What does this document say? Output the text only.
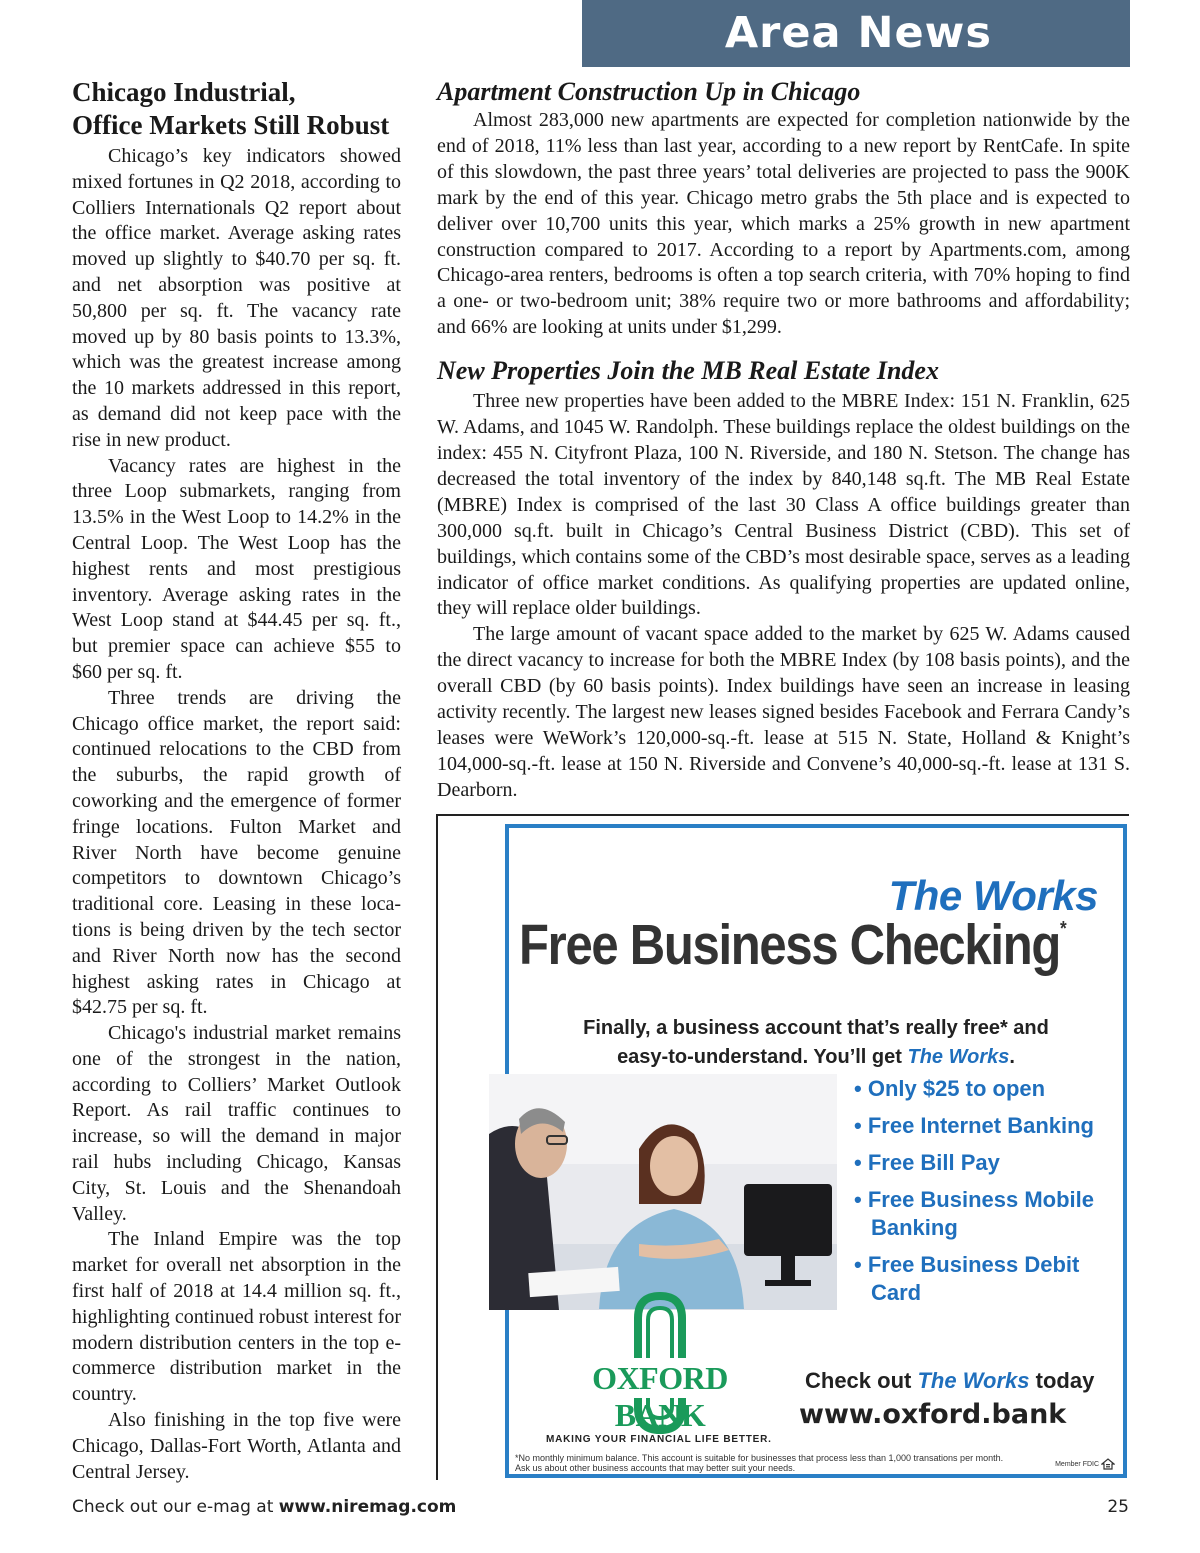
Area News
Chicago Industrial,
Office Markets Still Robust

Chicago’s key indicators showed mixed fortunes in Q2 2018, according to Colliers Internationals Q2 report about the office market. Average asking rates moved up slightly to $40.70 per sq. ft. and net absorption was positive at 50,800 per sq. ft. The vacancy rate moved up by 80 basis points to 13.3%, which was the greatest increase among the 10 markets addressed in this report, as demand did not keep pace with the rise in new product.

Vacancy rates are highest in the three Loop submarkets, ranging from 13.5% in the West Loop to 14.2% in the Central Loop. The West Loop has the highest rents and most prestigious inventory. Average asking rates in the West Loop stand at $44.45 per sq. ft., but premier space can achieve $55 to $60 per sq. ft.

Three trends are driving the Chicago office market, the report said: continued relocations to the CBD from the suburbs, the rapid growth of coworking and the emergence of former fringe locations. Fulton Market and River North have become genuine competitors to downtown Chicago’s traditional core. Leasing in these locations is being driven by the tech sector and River North now has the second highest asking rates in Chicago at $42.75 per sq. ft.

Chicago's industrial market remains one of the strongest in the nation, according to Colliers’ Market Outlook Report. As rail traffic continues to increase, so will the demand in major rail hubs including Chicago, Kansas City, St. Louis and the Shenandoah Valley.

The Inland Empire was the top market for overall net absorption in the first half of 2018 at 14.4 million sq. ft., highlighting continued robust interest for modern distribution centers in the top e-commerce distribution market in the country.

Also finishing in the top five were Chicago, Dallas-Fort Worth, Atlanta and Central Jersey.

Apartment Construction Up in Chicago

Almost 283,000 new apartments are expected for completion nationwide by the end of 2018, 11% less than last year, according to a new report by RentCafe. In spite of this slowdown, the past three years’ total deliveries are projected to pass the 900K mark by the end of this year. Chicago metro grabs the 5th place and is expected to deliver over 10,700 units this year, which marks a 25% growth in new apartment construction compared to 2017. According to a report by Apartments.com, among Chicago-area renters, bedrooms is often a top search criteria, with 70% hoping to find a one- or two-bedroom unit; 38% require two or more bathrooms and affordability; and 66% are looking at units under $1,299.

New Properties Join the MB Real Estate Index

Three new properties have been added to the MBRE Index: 151 N. Franklin, 625 W. Adams, and 1045 W. Randolph. These buildings replace the oldest buildings on the index: 455 N. Cityfront Plaza, 100 N. Riverside, and 180 N. Stetson. The change has decreased the total inventory of the index by 840,148 sq.ft. The MB Real Estate (MBRE) Index is comprised of the last 30 Class A office buildings greater than 300,000 sq.ft. built in Chicago’s Central Business District (CBD). This set of buildings, which contains some of the CBD’s most desirable space, serves as a leading indicator of office market conditions. As qualifying properties are updated online, they will replace older buildings.

The large amount of vacant space added to the market by 625 W. Adams caused the direct vacancy to increase for both the MBRE Index (by 108 basis points), and the overall CBD (by 60 basis points). Index buildings have seen an increase in leasing activity recently. The largest new leases signed besides Facebook and Ferrara Candy’s leases were WeWork’s 120,000-sq.-ft. lease at 515 N. State, Holland & Knight’s 104,000-sq.-ft. lease at 150 N. Riverside and Convene’s 40,000-sq.-ft. lease at 131 S. Dearborn.

The Works
Free Business Checking*
Finally, a business account that’s really free* and
easy-to-understand. You’ll get The Works.
• Only $25 to open
• Free Internet Banking
• Free Bill Pay
• Free Business Mobile Banking
• Free Business Debit Card
OXFORD BANK
MAKING YOUR FINANCIAL LIFE BETTER.
Check out The Works today
www.oxford.bank
*No monthly minimum balance. This account is suitable for businesses that process less than 1,000 transations per month.
Ask us about other business accounts that may better suit your needs.	Member FDIC
Check out our e-mag at www.niremag.com	25
